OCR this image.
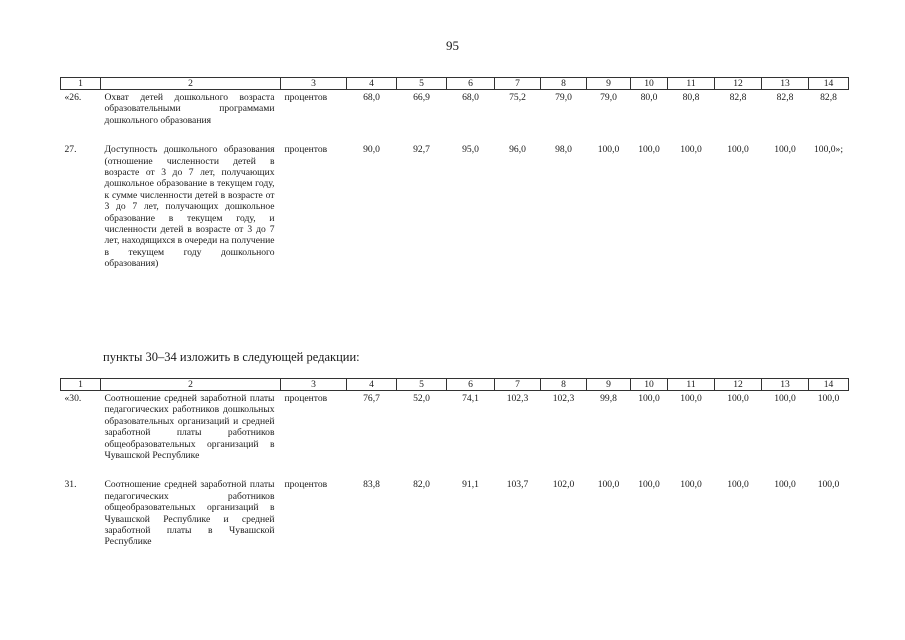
95
1	2	3	4	5	6	7	8	9	10	11	12	13	14
«26.	Охват детей дошкольного возраста образовательными программами дошкольного образования	процентов	68,0	66,9	68,0	75,2	79,0	79,0	80,0	80,8	82,8	82,8	82,8
27.	Доступность дошкольного образования (отношение численности детей в возрасте от 3 до 7 лет, получающих дошкольное образование в текущем году, к сумме численности детей в возрасте от 3 до 7 лет, получающих дошкольное образование в текущем году, и численности детей в возрасте от 3 до 7 лет, находящихся в очереди на получение в текущем году дошкольного образования)	процентов	90,0	92,7	95,0	96,0	98,0	100,0	100,0	100,0	100,0	100,0	100,0»;
пункты 30–34 изложить в следующей редакции:
1	2	3	4	5	6	7	8	9	10	11	12	13	14
«30.	Соотношение средней заработной платы педагогических работников дошкольных образовательных организаций и средней заработной платы работников общеобразовательных организаций в Чувашской Республике	процентов	76,7	52,0	74,1	102,3	102,3	99,8	100,0	100,0	100,0	100,0	100,0
31.	Соотношение средней заработной платы педагогических работников общеобразовательных организаций в Чувашской Республике и средней заработной платы в Чувашской Республике	процентов	83,8	82,0	91,1	103,7	102,0	100,0	100,0	100,0	100,0	100,0	100,0
